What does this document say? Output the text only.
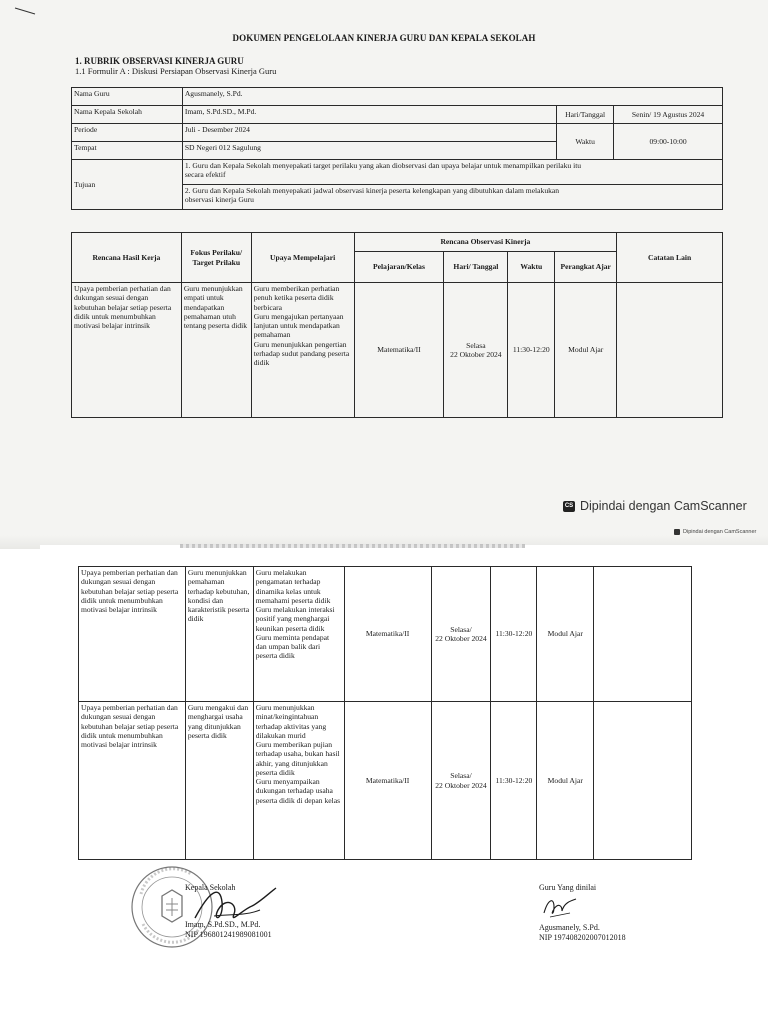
DOKUMEN PENGELOLAAN KINERJA GURU DAN KEPALA SEKOLAH
1. RUBRIK OBSERVASI KINERJA GURU
1.1 Formulir A : Diskusi Persiapan Observasi Kinerja Guru
Nama Guru	Agusmanely, S.Pd.		
Nama Kepala Sekolah	Imam, S.Pd.SD., M.Pd.	Hari/Tanggal	Senin/ 19 Agustus 2024
Periode	Juli - Desember 2024	Waktu	09:00-10:00
Tempat	SD Negeri 012 Sagulung		
Tujuan	1. Guru dan Kepala Sekolah menyepakati target perilaku yang akan diobservasi dan upaya belajar untuk menampilkan perilaku itu secara efektif		
	2. Guru dan Kepala Sekolah menyepakati jadwal observasi kinerja peserta kelengkapan yang dibutuhkan dalam melakukan observasi kinerja Guru		
Rencana Hasil Kerja	Fokus Perilaku/ Target Prilaku	Upaya Mempelajari	Rencana Observasi Kinerja				Catatan Lain
			Pelajaran/Kelas	Hari/ Tanggal	Waktu	Perangkat Ajar	
Upaya pemberian perhatian dan dukungan sesuai dengan kebutuhan belajar setiap peserta didik untuk menumbuhkan motivasi belajar intrinsik	Guru menunjukkan empati untuk mendapatkan pemahaman utuh tentang peserta didik	Guru memberikan perhatian penuh ketika peserta didik berbicara
Guru mengajukan pertanyaan lanjutan untuk mendapatkan pemahaman
Guru menunjukkan pengertian terhadap sudut pandang peserta didik	Matematika/II	Selasa
22 Oktober 2024	11:30-12:20	Modul Ajar	
CS Dipindai dengan CamScanner
Dipindai dengan CamScanner
Upaya pemberian perhatian dan dukungan sesuai dengan kebutuhan belajar setiap peserta didik untuk menumbuhkan motivasi belajar intrinsik	Guru menunjukkan pemahaman terhadap kebutuhan, kondisi dan karakteristik peserta didik	Guru melakukan pengamatan terhadap dinamika kelas untuk memahami peserta didik
Guru melakukan interaksi positif yang menghargai keunikan peserta didik
Guru meminta pendapat dan umpan balik dari peserta didik	Matematika/II	Selasa/
22 Oktober 2024	11:30-12:20	Modul Ajar	
Upaya pemberian perhatian dan dukungan sesuai dengan kebutuhan belajar setiap peserta didik untuk menumbuhkan motivasi belajar intrinsik	Guru mengakui dan menghargai usaha yang ditunjukkan peserta didik	Guru menunjukkan minat/keingintahuan terhadap aktivitas yang dilakukan murid
Guru memberikan pujian terhadap usaha, bukan hasil akhir, yang ditunjukkan peserta didik
Guru menyampaikan dukungan terhadap usaha peserta didik di depan kelas	Matematika/II	Selasa/
22 Oktober 2024	11:30-12:20	Modul Ajar	
Kepala Sekolah
Imam, S.Pd.SD., M.Pd.
NIP 196801241989081001
Guru Yang dinilai
Agusmanely, S.Pd.
NIP 197408202007012018
